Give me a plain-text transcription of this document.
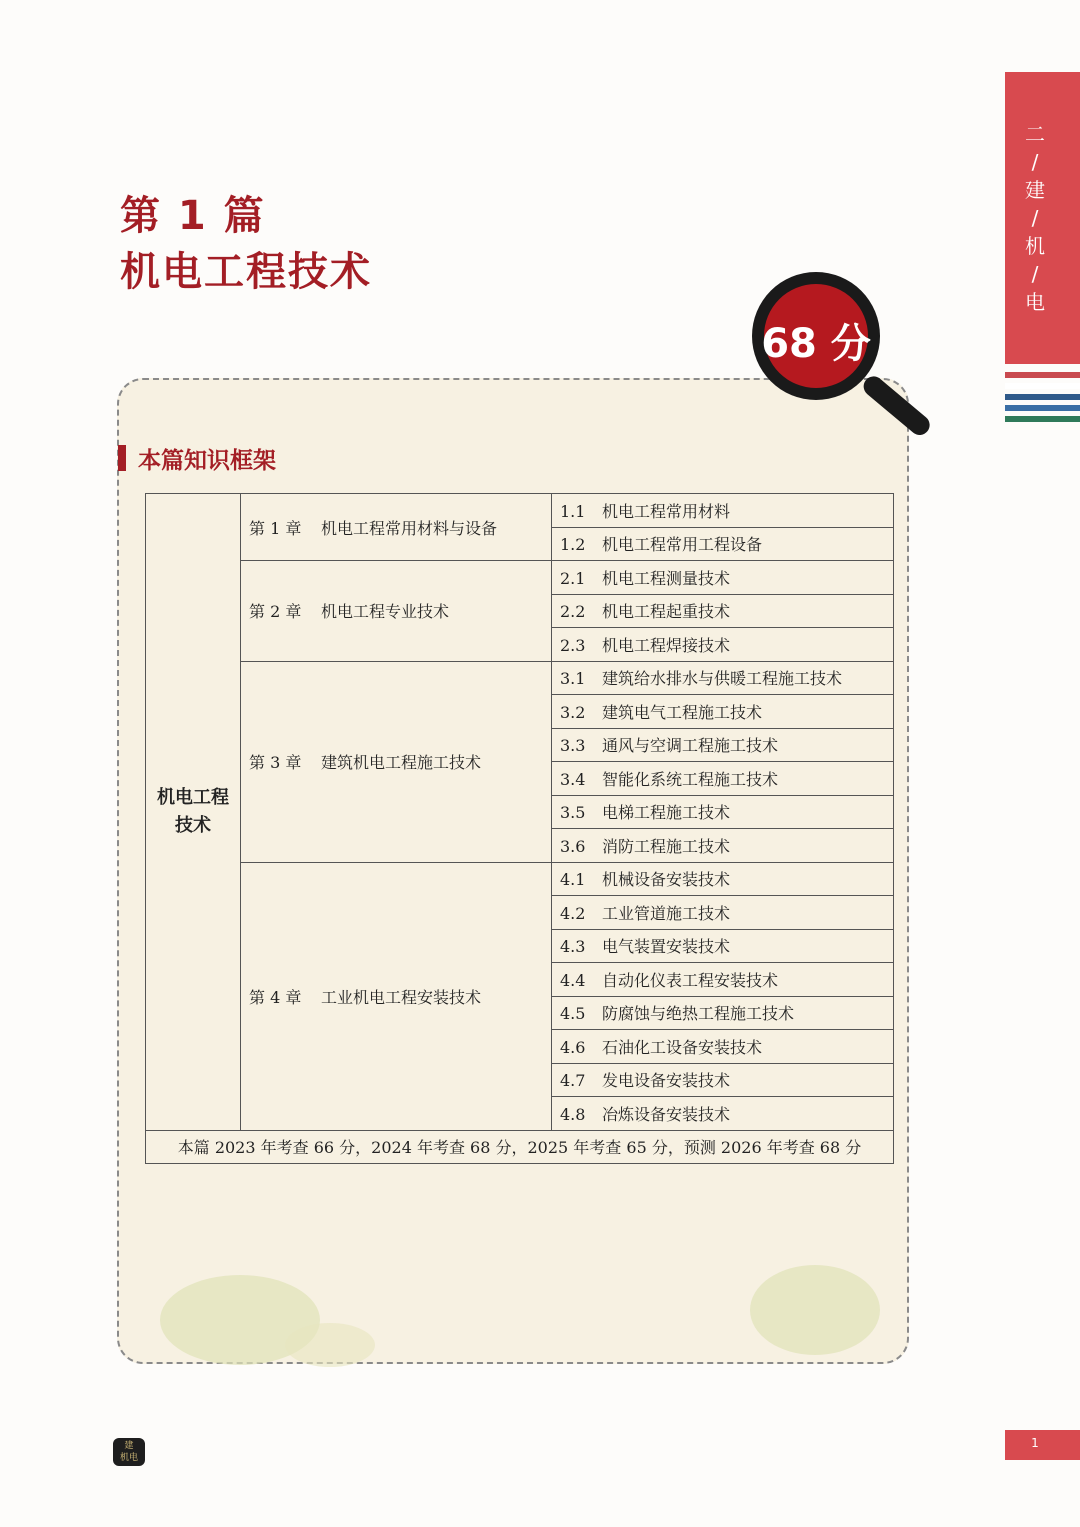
二
/
建
/
机
/
电
第 1 篇
机电工程技术
68 分
本篇知识框架
机电工程技术	第 1 章 机电工程常用材料与设备	1.1 机电工程常用材料
		1.2 机电工程常用工程设备
	第 2 章 机电工程专业技术	2.1 机电工程测量技术
		2.2 机电工程起重技术
		2.3 机电工程焊接技术
	第 3 章 建筑机电工程施工技术	3.1 建筑给水排水与供暖工程施工技术
		3.2 建筑电气工程施工技术
		3.3 通风与空调工程施工技术
		3.4 智能化系统工程施工技术
		3.5 电梯工程施工技术
		3.6 消防工程施工技术
	第 4 章 工业机电工程安装技术	4.1 机械设备安装技术
		4.2 工业管道施工技术
		4.3 电气装置安装技术
		4.4 自动化仪表工程安装技术
		4.5 防腐蚀与绝热工程施工技术
		4.6 石油化工设备安装技术
		4.7 发电设备安装技术
		4.8 冶炼设备安装技术
本篇 2023 年考查 66 分，2024 年考查 68 分，2025 年考查 65 分，预测 2026 年考查 68 分		
建
机电
1
